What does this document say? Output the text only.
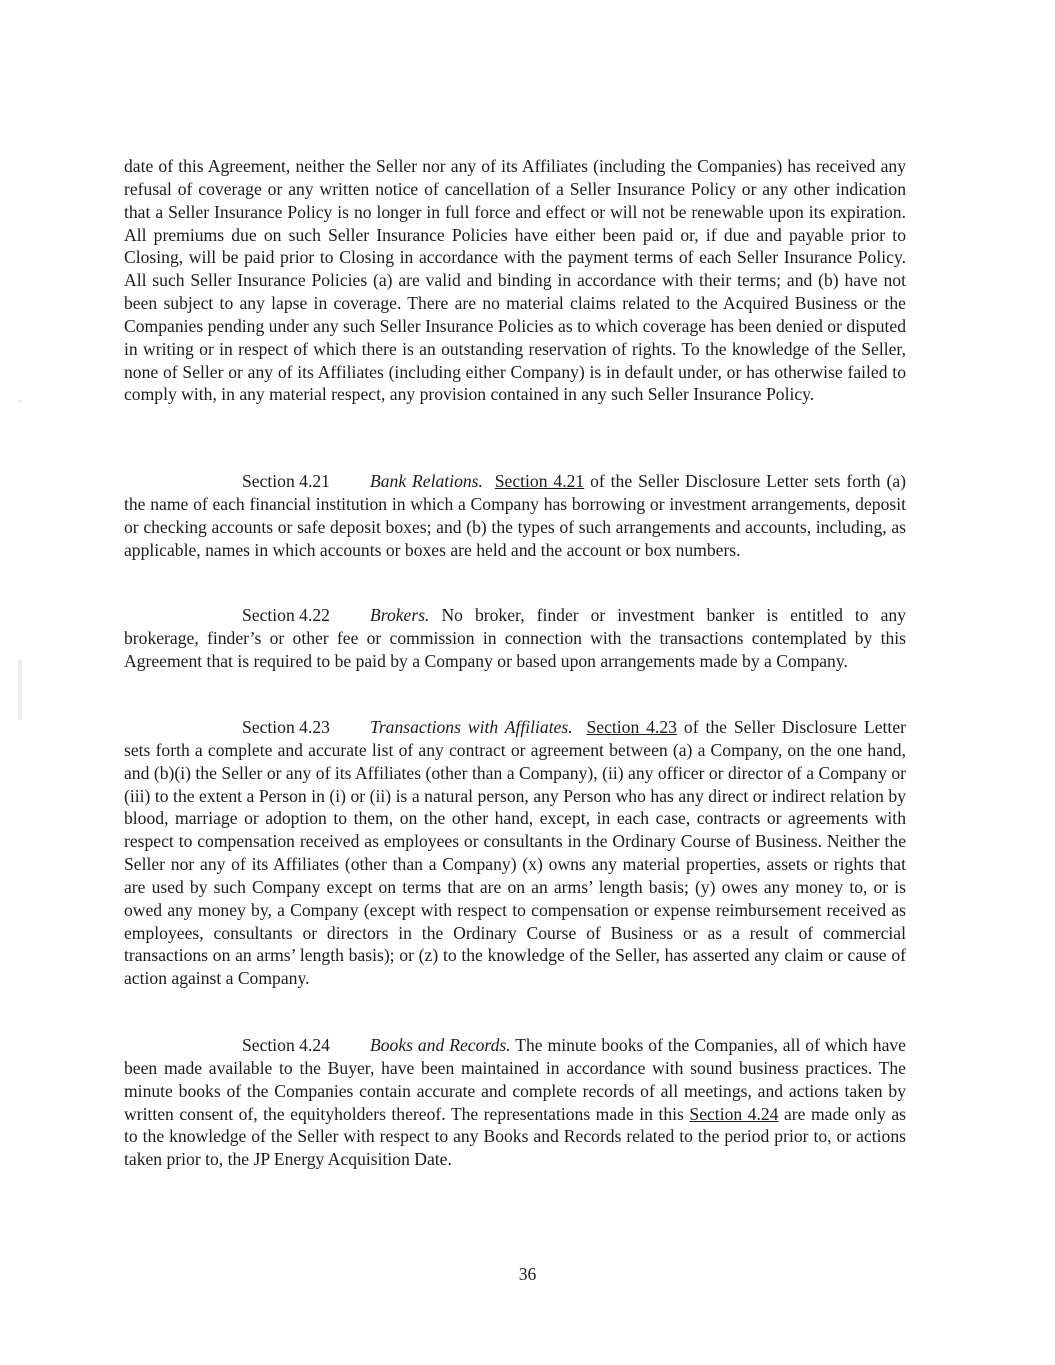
date of this Agreement, neither the Seller nor any of its Affiliates (including the Companies) has received any refusal of coverage or any written notice of cancellation of a Seller Insurance Policy or any other indication that a Seller Insurance Policy is no longer in full force and effect or will not be renewable upon its expiration. All premiums due on such Seller Insurance Policies have either been paid or, if due and payable prior to Closing, will be paid prior to Closing in accordance with the payment terms of each Seller Insurance Policy. All such Seller Insurance Policies (a) are valid and binding in accordance with their terms; and (b) have not been subject to any lapse in coverage. There are no material claims related to the Acquired Business or the Companies pending under any such Seller Insurance Policies as to which coverage has been denied or disputed in writing or in respect of which there is an outstanding reservation of rights. To the knowledge of the Seller, none of Seller or any of its Affiliates (including either Company) is in default under, or has otherwise failed to comply with, in any material respect, any provision contained in any such Seller Insurance Policy.

Section 4.21 Bank Relations. Section 4.21 of the Seller Disclosure Letter sets forth (a) the name of each financial institution in which a Company has borrowing or investment arrangements, deposit or checking accounts or safe deposit boxes; and (b) the types of such arrangements and accounts, including, as applicable, names in which accounts or boxes are held and the account or box numbers.

Section 4.22 Brokers. No broker, finder or investment banker is entitled to any brokerage, finder’s or other fee or commission in connection with the transactions contemplated by this Agreement that is required to be paid by a Company or based upon arrangements made by a Company.

Section 4.23 Transactions with Affiliates. Section 4.23 of the Seller Disclosure Letter sets forth a complete and accurate list of any contract or agreement between (a) a Company, on the one hand, and (b)(i) the Seller or any of its Affiliates (other than a Company), (ii) any officer or director of a Company or (iii) to the extent a Person in (i) or (ii) is a natural person, any Person who has any direct or indirect relation by blood, marriage or adoption to them, on the other hand, except, in each case, contracts or agreements with respect to compensation received as employees or consultants in the Ordinary Course of Business. Neither the Seller nor any of its Affiliates (other than a Company) (x) owns any material properties, assets or rights that are used by such Company except on terms that are on an arms’ length basis; (y) owes any money to, or is owed any money by, a Company (except with respect to compensation or expense reimbursement received as employees, consultants or directors in the Ordinary Course of Business or as a result of commercial transactions on an arms’ length basis); or (z) to the knowledge of the Seller, has asserted any claim or cause of action against a Company.

Section 4.24 Books and Records. The minute books of the Companies, all of which have been made available to the Buyer, have been maintained in accordance with sound business practices. The minute books of the Companies contain accurate and complete records of all meetings, and actions taken by written consent of, the equityholders thereof. The representations made in this Section 4.24 are made only as to the knowledge of the Seller with respect to any Books and Records related to the period prior to, or actions taken prior to, the JP Energy Acquisition Date.

36
